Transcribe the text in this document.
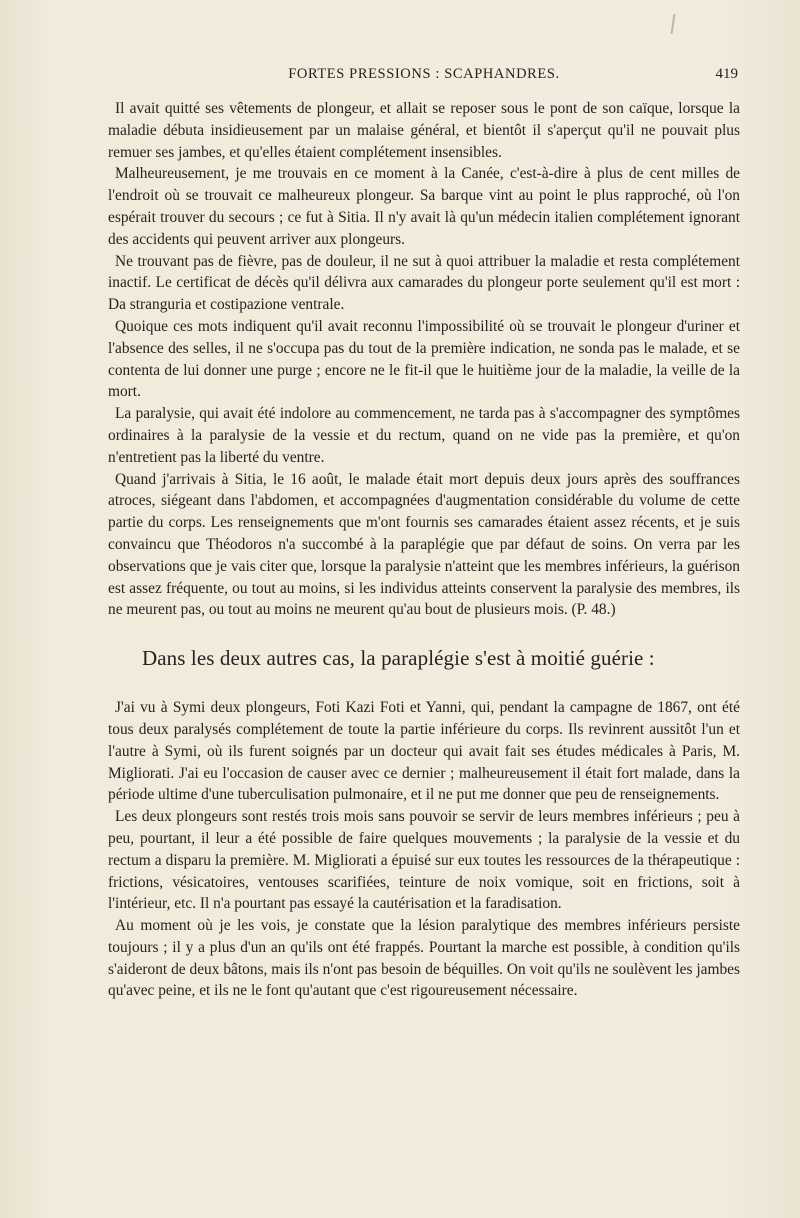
FORTES PRESSIONS : SCAPHANDRES.	419

Il avait quitté ses vêtements de plongeur, et allait se reposer sous le pont de son caïque, lorsque la maladie débuta insidieusement par un malaise général, et bientôt il s'aperçut qu'il ne pouvait plus remuer ses jambes, et qu'elles étaient complétement insensibles.

Malheureusement, je me trouvais en ce moment à la Canée, c'est-à-dire à plus de cent milles de l'endroit où se trouvait ce malheureux plongeur. Sa barque vint au point le plus rapproché, où l'on espérait trouver du secours ; ce fut à Sitia. Il n'y avait là qu'un médecin italien complétement ignorant des accidents qui peuvent arriver aux plongeurs.

Ne trouvant pas de fièvre, pas de douleur, il ne sut à quoi attribuer la maladie et resta complétement inactif. Le certificat de décès qu'il délivra aux camarades du plongeur porte seulement qu'il est mort : Da stranguria et costipazione ventrale.

Quoique ces mots indiquent qu'il avait reconnu l'impossibilité où se trouvait le plongeur d'uriner et l'absence des selles, il ne s'occupa pas du tout de la première indication, ne sonda pas le malade, et se contenta de lui donner une purge ; encore ne le fit-il que le huitième jour de la maladie, la veille de la mort.

La paralysie, qui avait été indolore au commencement, ne tarda pas à s'accompagner des symptômes ordinaires à la paralysie de la vessie et du rectum, quand on ne vide pas la première, et qu'on n'entretient pas la liberté du ventre.

Quand j'arrivais à Sitia, le 16 août, le malade était mort depuis deux jours après des souffrances atroces, siégeant dans l'abdomen, et accompagnées d'augmentation considérable du volume de cette partie du corps. Les renseignements que m'ont fournis ses camarades étaient assez récents, et je suis convaincu que Théodoros n'a succombé à la paraplégie que par défaut de soins. On verra par les observations que je vais citer que, lorsque la paralysie n'atteint que les membres inférieurs, la guérison est assez fréquente, ou tout au moins, si les individus atteints conservent la paralysie des membres, ils ne meurent pas, ou tout au moins ne meurent qu'au bout de plusieurs mois. (P. 48.)

Dans les deux autres cas, la paraplégie s'est à moitié guérie :

J'ai vu à Symi deux plongeurs, Foti Kazi Foti et Yanni, qui, pendant la campagne de 1867, ont été tous deux paralysés complétement de toute la partie inférieure du corps. Ils revinrent aussitôt l'un et l'autre à Symi, où ils furent soignés par un docteur qui avait fait ses études médicales à Paris, M. Migliorati. J'ai eu l'occasion de causer avec ce dernier ; malheureusement il était fort malade, dans la période ultime d'une tuberculisation pulmonaire, et il ne put me donner que peu de renseignements.

Les deux plongeurs sont restés trois mois sans pouvoir se servir de leurs membres inférieurs ; peu à peu, pourtant, il leur a été possible de faire quelques mouvements ; la paralysie de la vessie et du rectum a disparu la première. M. Migliorati a épuisé sur eux toutes les ressources de la thérapeutique : frictions, vésicatoires, ventouses scarifiées, teinture de noix vomique, soit en frictions, soit à l'intérieur, etc. Il n'a pourtant pas essayé la cautérisation et la faradisation.

Au moment où je les vois, je constate que la lésion paralytique des membres inférieurs persiste toujours ; il y a plus d'un an qu'ils ont été frappés. Pourtant la marche est possible, à condition qu'ils s'aideront de deux bâtons, mais ils n'ont pas besoin de béquilles. On voit qu'ils ne soulèvent les jambes qu'avec peine, et ils ne le font qu'autant que c'est rigoureusement nécessaire.
